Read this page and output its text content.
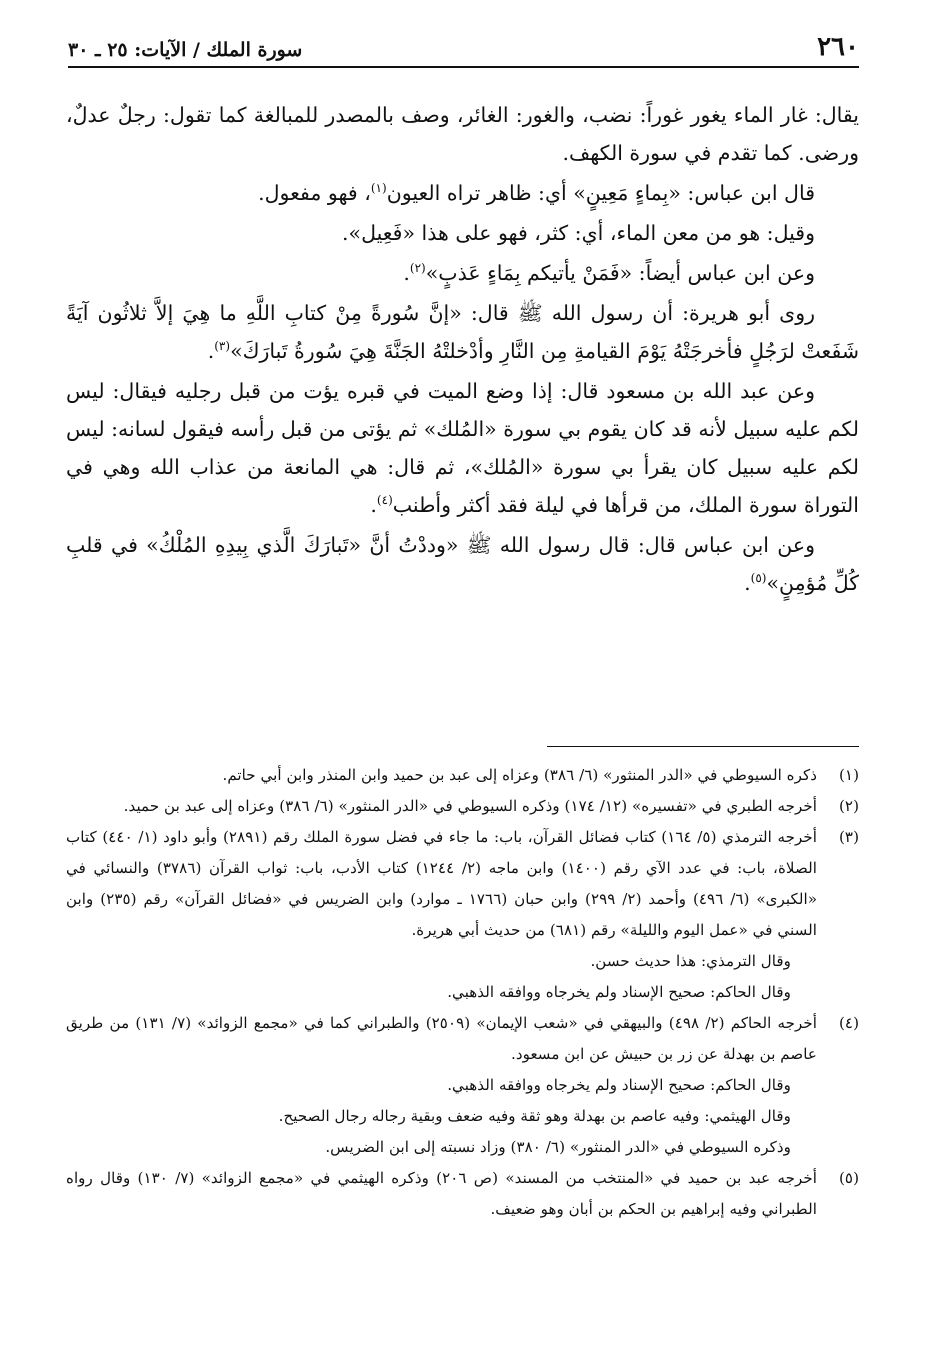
٢٦٠
سورة الملك / الآيات: ٢٥ ـ ٣٠

يقال: غار الماء يغور غوراً: نضب، والغور: الغائر، وصف بالمصدر للمبالغة كما تقول: رجلٌ عدلٌ، ورضى. كما تقدم في سورة الكهف.

قال ابن عباس: «بِماءٍ مَعِينٍ» أي: ظاهر تراه العيون$^{(١)}$، فهو مفعول.

وقيل: هو من معن الماء، أي: كثر، فهو على هذا «فَعِيل».

وعن ابن عباس أيضاً: «فَمَنْ يأتيكم بِمَاءٍ عَذبٍ»$^{(٢)}$.

روى أبو هريرة: أن رسول الله ﷺ قال: «إنَّ سُورةً مِنْ كتابِ اللَّهِ ما هِيَ إلاَّ ثلاثُون آيَةً شَفَعتْ لرَجُلٍ فأخرجَتْهُ يَوْمَ القيامةِ مِن النَّارِ وأدْخلتْهُ الجَنَّةَ هِيَ سُورةُ تَبارَكَ»$^{(٣)}$.

وعن عبد الله بن مسعود قال: إذا وضع الميت في قبره يؤت من قبل رجليه فيقال: ليس لكم عليه سبيل لأنه قد كان يقوم بي سورة «المُلك» ثم يؤتى من قبل رأسه فيقول لسانه: ليس لكم عليه سبيل كان يقرأ بي سورة «المُلك»، ثم قال: هي المانعة من عذاب الله وهي في التوراة سورة الملك، من قرأها في ليلة فقد أكثر وأطنب$^{(٤)}$.

وعن ابن عباس قال: قال رسول الله ﷺ «وددْتُ أنَّ «تَبارَكَ الَّذي بِيدِهِ المُلْكُ» في قلبِ كُلِّ مُؤمِنٍ»$^{(٥)}$.

(١)

ذكره السيوطي في «الدر المنثور» (٦/ ٣٨٦) وعزاه إلى عبد بن حميد وابن المنذر وابن أبي حاتم.

(٢)

أخرجه الطبري في «تفسيره» (١٢/ ١٧٤) وذكره السيوطي في «الدر المنثور» (٦/ ٣٨٦) وعزاه إلى عبد بن حميد.

(٣)

أخرجه الترمذي (٥/ ١٦٤) كتاب فضائل القرآن، باب: ما جاء في فضل سورة الملك رقم (٢٨٩١) وأبو داود (١/ ٤٤٠) كتاب الصلاة، باب: في عدد الآي رقم (١٤٠٠) وابن ماجه (٢/ ١٢٤٤) كتاب الأدب، باب: ثواب القرآن (٣٧٨٦) والنسائي في «الكبرى» (٦/ ٤٩٦) وأحمد (٢/ ٢٩٩) وابن حبان (١٧٦٦ ـ موارد) وابن الضريس في «فضائل القرآن» رقم (٢٣٥) وابن السني في «عمل اليوم والليلة» رقم (٦٨١) من حديث أبي هريرة.

وقال الترمذي: هذا حديث حسن.

وقال الحاكم: صحيح الإسناد ولم يخرجاه ووافقه الذهبي.

(٤)

أخرجه الحاكم (٢/ ٤٩٨) والبيهقي في «شعب الإيمان» (٢٥٠٩) والطبراني كما في «مجمع الزوائد» (٧/ ١٣١) من طريق عاصم بن بهدلة عن زر بن حبيش عن ابن مسعود.

وقال الحاكم: صحيح الإسناد ولم يخرجاه ووافقه الذهبي.

وقال الهيثمي: وفيه عاصم بن بهدلة وهو ثقة وفيه ضعف وبقية رجاله رجال الصحيح.

وذكره السيوطي في «الدر المنثور» (٦/ ٣٨٠) وزاد نسبته إلى ابن الضريس.

(٥)

أخرجه عبد بن حميد في «المنتخب من المسند» (ص ٢٠٦) وذكره الهيثمي في «مجمع الزوائد» (٧/ ١٣٠) وقال رواه الطبراني وفيه إبراهيم بن الحكم بن أبان وهو ضعيف.
